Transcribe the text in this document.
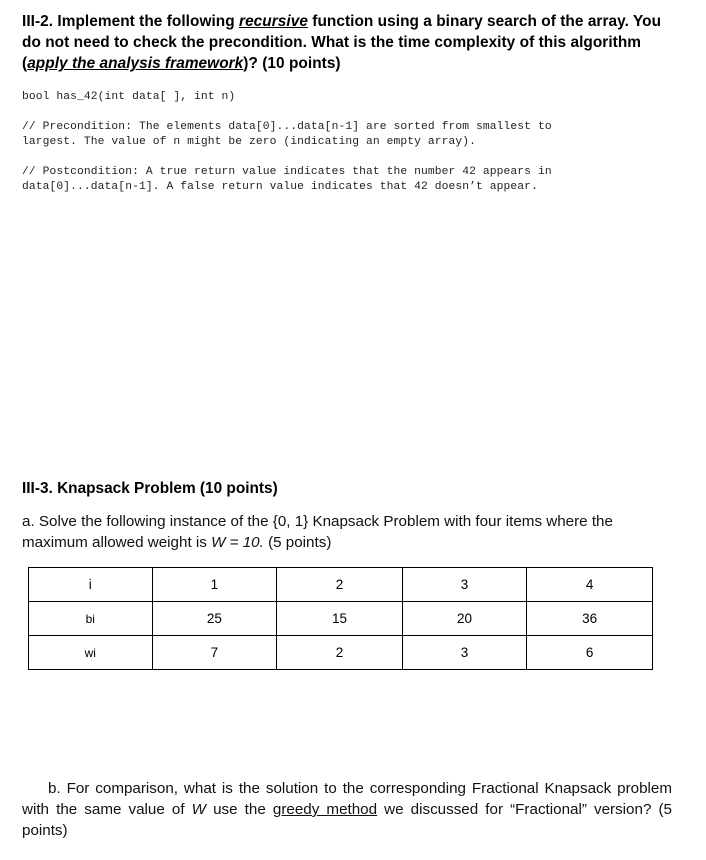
III-2. Implement the following recursive function using a binary search of the array. You do not need to check the precondition. What is the time complexity of this algorithm (apply the analysis framework)? (10 points)
bool has_42(int data[ ], int n)
// Precondition: The elements data[0]...data[n-1] are sorted from smallest to
largest. The value of n might be zero (indicating an empty array).
// Postcondition: A true return value indicates that the number 42 appears in
data[0]...data[n-1]. A false return value indicates that 42 doesn’t appear.
III-3. Knapsack Problem (10 points)
a. Solve the following instance of the {0, 1} Knapsack Problem with four items where the maximum allowed weight is W = 10. (5 points)
i	1	2	3	4
bi	25	15	20	36
wi	7	2	3	6
b. For comparison, what is the solution to the corresponding Fractional Knapsack problem with the same value of W use the greedy method we discussed for “Fractional” version? (5 points)
